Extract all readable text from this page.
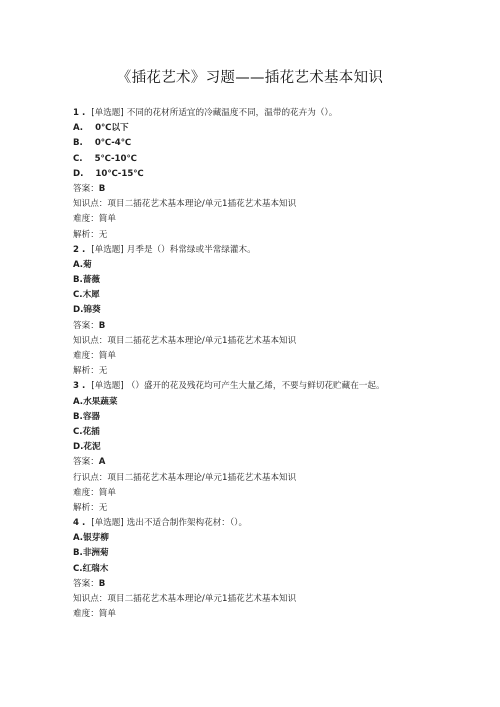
《插花艺术》习题——插花艺术基本知识
1 . [单选题] 不同的花材所适宜的冷藏温度不同，温带的花卉为（）。
A. 0℃以下
B. 0℃-4℃
C. 5℃-10℃
D. 10℃-15℃
答案：B
知识点：项目二插花艺术基本理论/单元1插花艺术基本知识
难度：简单
解析：无
2 . [单选题] 月季是（）科常绿或半常绿灌木。
A.菊
B.蔷薇
C.木犀
D.锦葵
答案：B
知识点：项目二插花艺术基本理论/单元1插花艺术基本知识
难度：简单
解析：无
3 . [单选题] （）盛开的花及残花均可产生大量乙烯，不要与鲜切花贮藏在一起。
A.水果蔬菜
B.容器
C.花插
D.花泥
答案：A
行识点：项目二插花艺术基本理论/单元1插花艺术基本知识
难度：简单
解析：无
4 . [单选题] 选出不适合制作架构花材：（）。
A.银芽柳
B.非洲菊
C.红瑞木
答案：B
知识点：项目二插花艺术基本理论/单元1插花艺术基本知识
难度：简单
